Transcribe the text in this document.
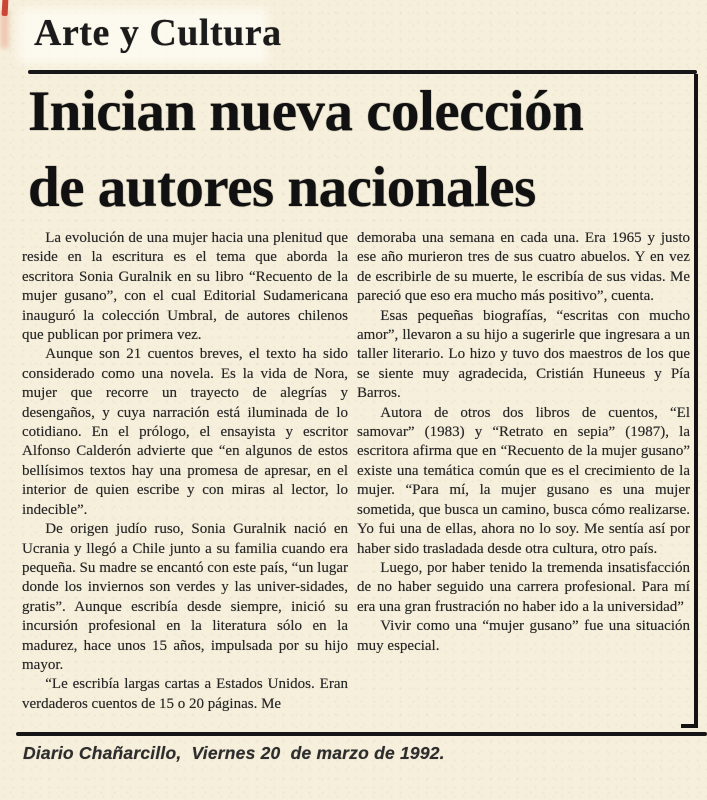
Arte y Cultura
Inician nueva colección
de autores nacionales

La evolución de una mujer hacia una plenitud que reside en la escritura es el tema que aborda la escritora Sonia Guralnik en su libro “Recuento de la mujer gusano”, con el cual Editorial Sudamericana inauguró la colección Umbral, de autores chilenos que publican por primera vez.

Aunque son 21 cuentos breves, el texto ha sido considerado como una novela. Es la vida de Nora, mujer que recorre un trayecto de alegrías y desengaños, y cuya narración está iluminada de lo cotidiano. En el prólogo, el ensayista y escritor Alfonso Calderón advierte que “en algunos de estos bellísimos textos hay una promesa de apresar, en el interior de quien escribe y con miras al lector, lo indecible”.

De origen judío ruso, Sonia Guralnik nació en Ucrania y llegó a Chile junto a su familia cuando era pequeña. Su madre se encantó con este país, “un lugar donde los inviernos son verdes y las univer-sidades, gratis”. Aunque escribía desde siempre, inició su incursión profesional en la literatura sólo en la madurez, hace unos 15 años, impulsada por su hijo mayor.

“Le escribía largas cartas a Estados Unidos. Eran verdaderos cuentos de 15 o 20 páginas. Me

demoraba una semana en cada una. Era 1965 y justo ese año murieron tres de sus cuatro abuelos. Y en vez de escribirle de su muerte, le escribía de sus vidas. Me pareció que eso era mucho más positivo”, cuenta.

Esas pequeñas biografías, “escritas con mucho amor”, llevaron a su hijo a sugerirle que ingresara a un taller literario. Lo hizo y tuvo dos maestros de los que se siente muy agradecida, Cristián Huneeus y Pía Barros.

Autora de otros dos libros de cuentos, “El samovar” (1983) y “Retrato en sepia” (1987), la escritora afirma que en “Recuento de la mujer gusano” existe una temática común que es el crecimiento de la mujer. “Para mí, la mujer gusano es una mujer sometida, que busca un camino, busca cómo realizarse. Yo fui una de ellas, ahora no lo soy. Me sentía así por haber sido trasladada desde otra cultura, otro país.

Luego, por haber tenido la tremenda insatisfacción de no haber seguido una carrera profesional. Para mí era una gran frustración no haber ido a la universidad”

Vivir como una “mujer gusano” fue una situación muy especial.

Diario Chañarcillo,  Viernes 20  de marzo de 1992.
